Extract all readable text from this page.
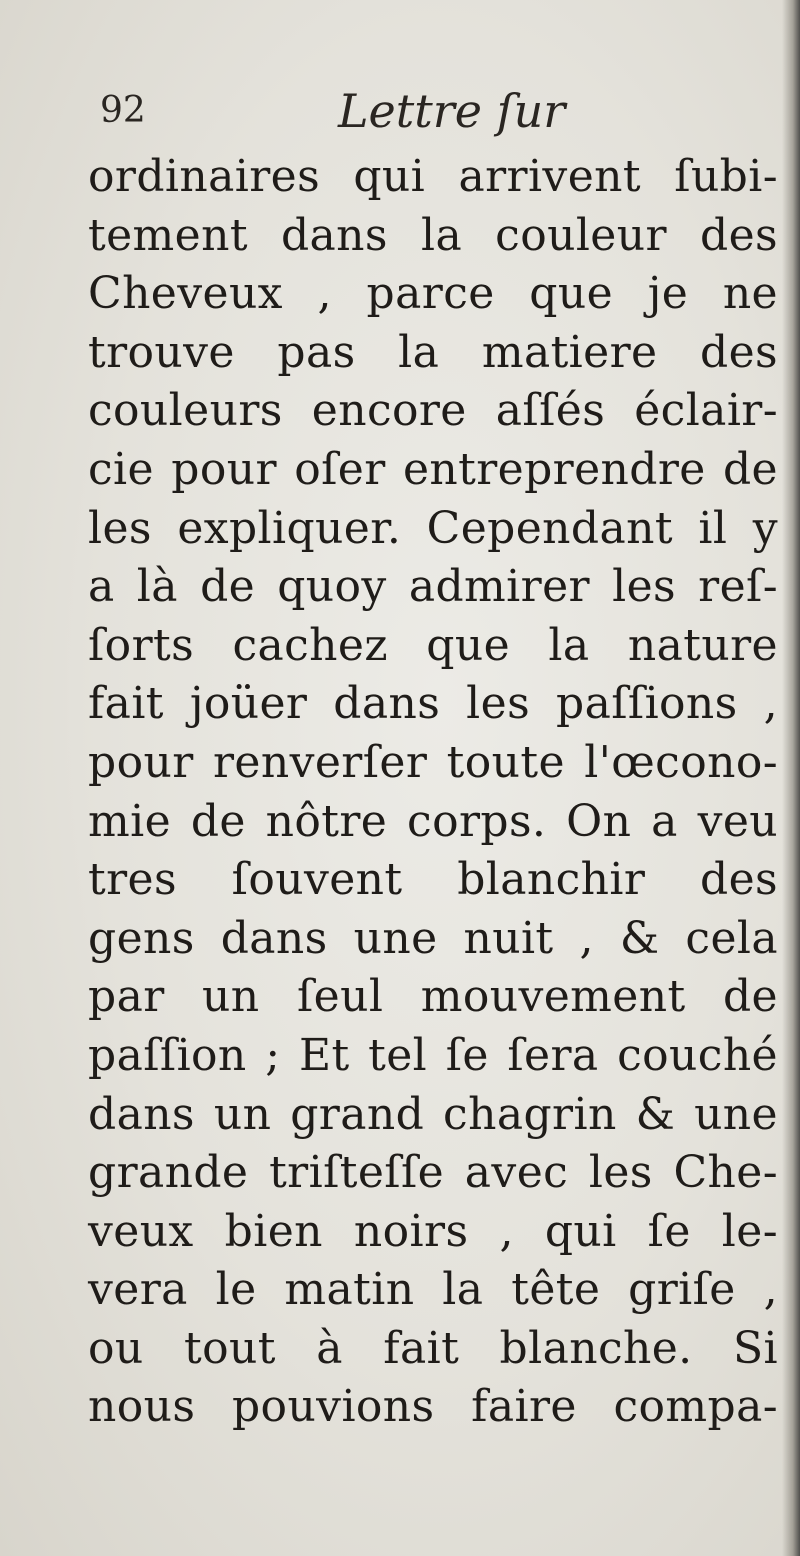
92	Lettre ſur
ordinaires qui arrivent ſubi-
tement dans la couleur des
Cheveux , parce que je ne
trouve pas la matiere des
couleurs encore aſſés éclair-
cie pour oſer entreprendre de
les expliquer. Cependant il y
a là de quoy admirer les reſ-
ſorts cachez que la nature
fait joüer dans les paſſions ,
pour renverſer toute l'œcono-
mie de nôtre corps. On a veu
tres ſouvent blanchir des
gens dans une nuit , & cela
par un ſeul mouvement de
paſſion ; Et tel ſe ſera couché
dans un grand chagrin & une
grande triſteſſe avec les Che-
veux bien noirs , qui ſe le-
vera le matin la tête griſe ,
ou tout à fait blanche. Si
nous pouvions faire compa-
